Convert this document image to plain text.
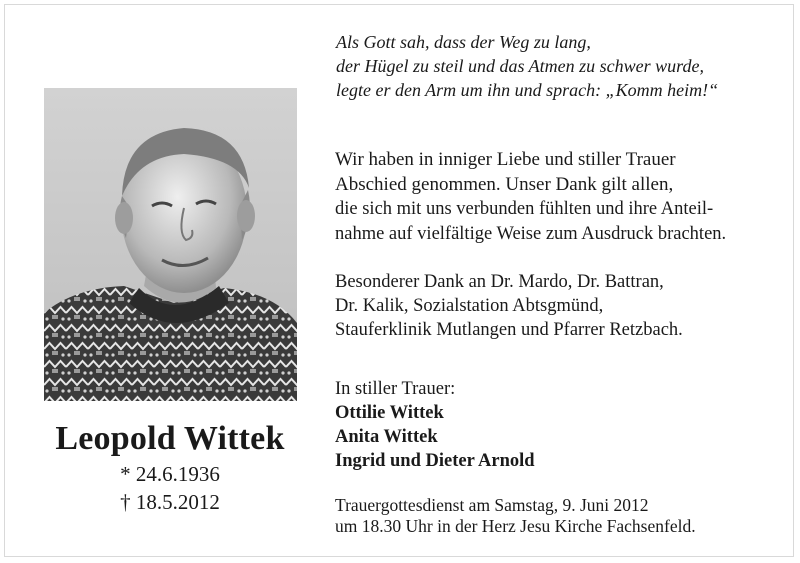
Leopold Wittek
* 24.6.1936
† 18.5.2012
Als Gott sah, dass der Weg zu lang,
der Hügel zu steil und das Atmen zu schwer wurde,
legte er den Arm um ihn und sprach: „Komm heim!“
Wir haben in inniger Liebe und stiller Trauer
Abschied genommen. Unser Dank gilt allen,
die sich mit uns verbunden fühlten und ihre Anteil-
nahme auf vielfältige Weise zum Ausdruck brachten.
Besonderer Dank an Dr. Mardo, Dr. Battran,
Dr. Kalik, Sozialstation Abtsgmünd,
Stauferklinik Mutlangen und Pfarrer Retzbach.
In stiller Trauer:
Ottilie Wittek
Anita Wittek
Ingrid und Dieter Arnold
Trauergottesdienst am Samstag, 9. Juni 2012
um 18.30 Uhr in der Herz Jesu Kirche Fachsenfeld.
